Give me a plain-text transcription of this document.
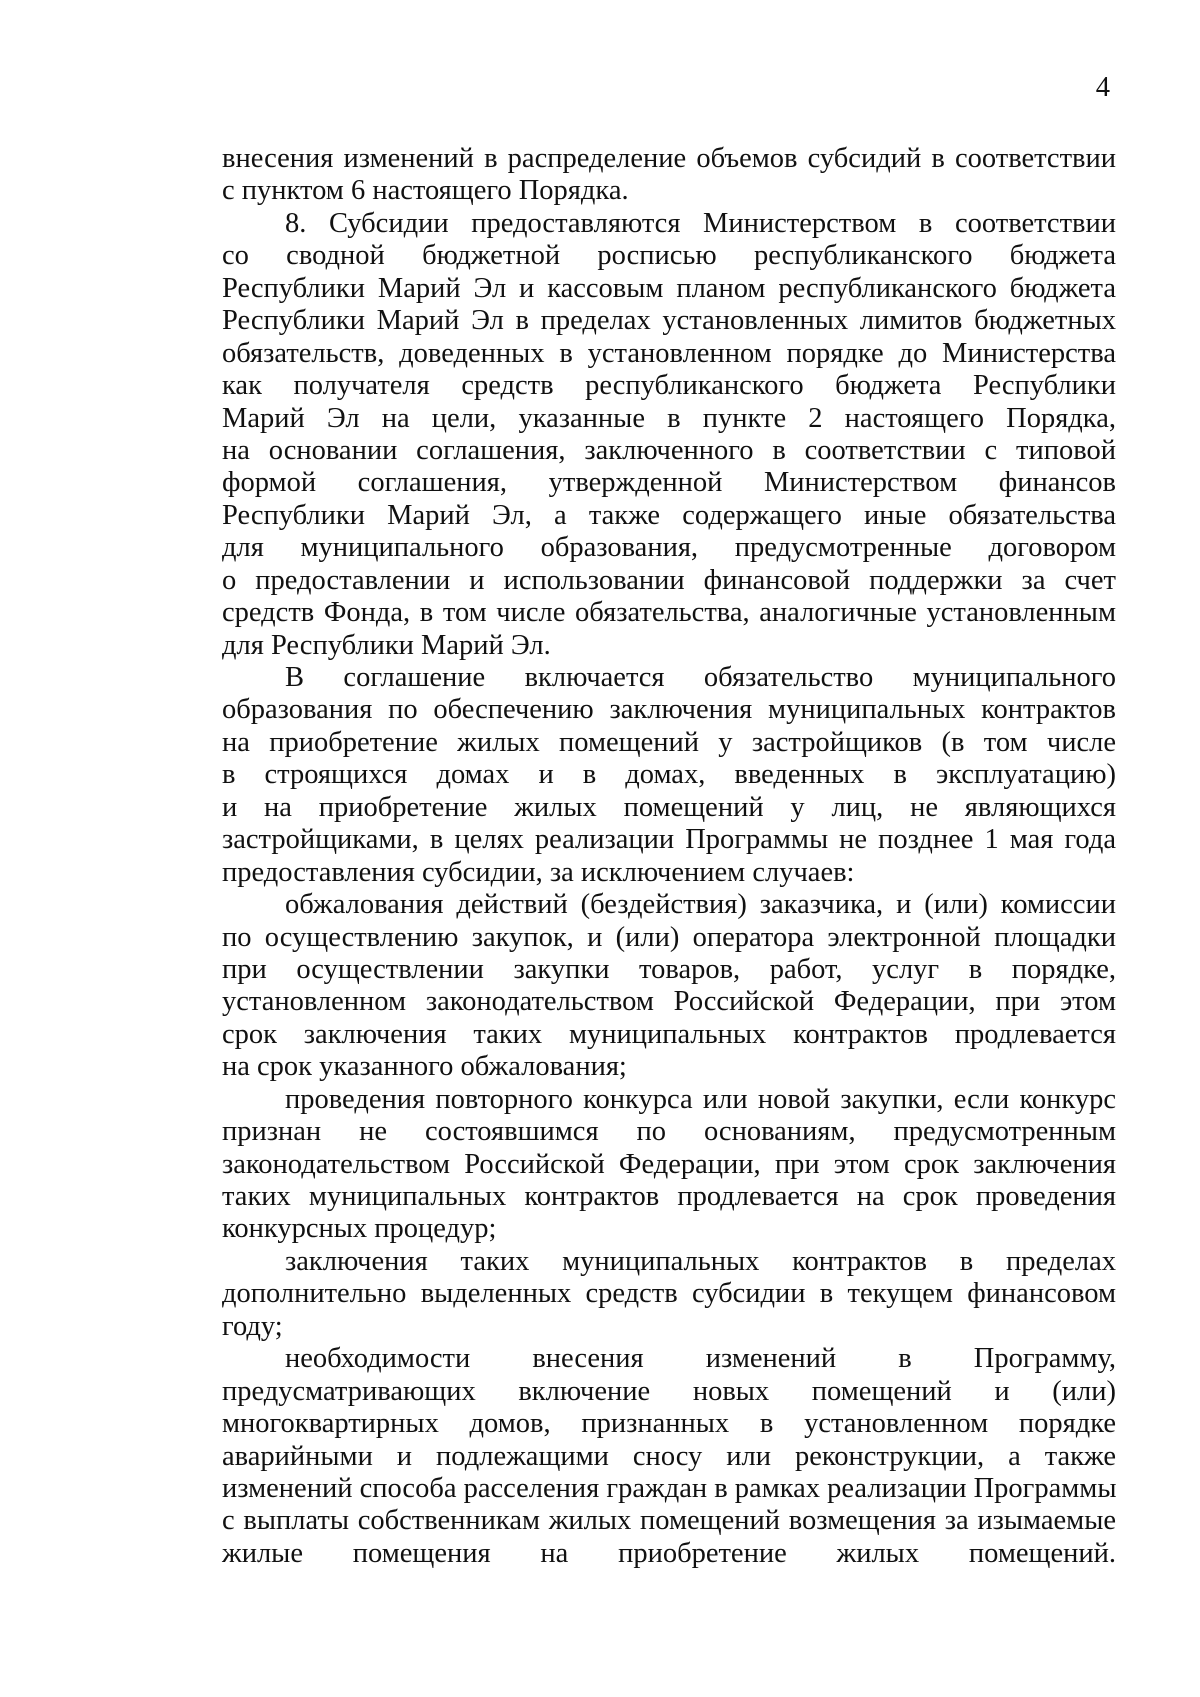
4
внесения изменений в распределение объемов субсидий в соответствии
с пунктом 6 настоящего Порядка.
8. Субсидии предоставляются Министерством в соответствии
со сводной бюджетной росписью республиканского бюджета
Республики Марий Эл и кассовым планом республиканского бюджета
Республики Марий Эл в пределах установленных лимитов бюджетных
обязательств, доведенных в установленном порядке до Министерства
как получателя средств республиканского бюджета Республики
Марий Эл на цели, указанные в пункте 2 настоящего Порядка,
на основании соглашения, заключенного в соответствии с типовой
формой соглашения, утвержденной Министерством финансов
Республики Марий Эл, а также содержащего иные обязательства
для муниципального образования, предусмотренные договором
о предоставлении и использовании финансовой поддержки за счет
средств Фонда, в том числе обязательства, аналогичные установленным
для Республики Марий Эл.
В соглашение включается обязательство муниципального
образования по обеспечению заключения муниципальных контрактов
на приобретение жилых помещений у застройщиков (в том числе
в строящихся домах и в домах, введенных в эксплуатацию)
и на приобретение жилых помещений у лиц, не являющихся
застройщиками, в целях реализации Программы не позднее 1 мая года
предоставления субсидии, за исключением случаев:
обжалования действий (бездействия) заказчика, и (или) комиссии
по осуществлению закупок, и (или) оператора электронной площадки
при осуществлении закупки товаров, работ, услуг в порядке,
установленном законодательством Российской Федерации, при этом
срок заключения таких муниципальных контрактов продлевается
на срок указанного обжалования;
проведения повторного конкурса или новой закупки, если конкурс
признан не состоявшимся по основаниям, предусмотренным
законодательством Российской Федерации, при этом срок заключения
таких муниципальных контрактов продлевается на срок проведения
конкурсных процедур;
заключения таких муниципальных контрактов в пределах
дополнительно выделенных средств субсидии в текущем финансовом
году;
необходимости внесения изменений в Программу,
предусматривающих включение новых помещений и (или)
многоквартирных домов, признанных в установленном порядке
аварийными и подлежащими сносу или реконструкции, а также
изменений способа расселения граждан в рамках реализации Программы
с выплаты собственникам жилых помещений возмещения за изымаемые
жилые помещения на приобретение жилых помещений.
